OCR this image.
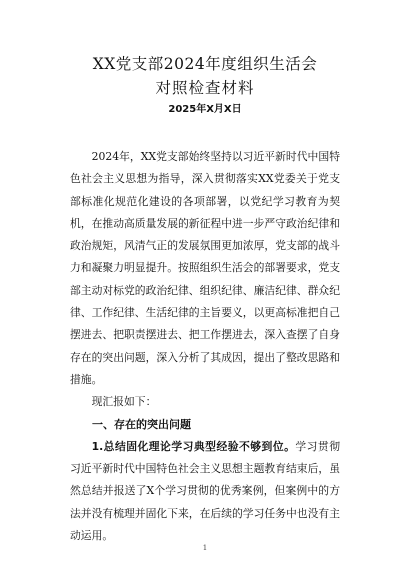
XX党支部2024年度组织生活会
对照检查材料
2025年X月X日

2024年，XX党支部始终坚持以习近平新时代中国特色社会主义思想为指导，深入贯彻落实XX党委关于党支部标准化规范化建设的各项部署，以党纪学习教育为契机，在推动高质量发展的新征程中进一步严守政治纪律和政治规矩，风清气正的发展氛围更加浓厚，党支部的战斗力和凝聚力明显提升。按照组织生活会的部署要求，党支部主动对标党的政治纪律、组织纪律、廉洁纪律、群众纪律、工作纪律、生活纪律的主旨要义，以更高标准把自己摆进去、把职责摆进去、把工作摆进去，深入查摆了自身存在的突出问题，深入分析了其成因，提出了整改思路和措施。

现汇报如下：

一、存在的突出问题

1.总结固化理论学习典型经验不够到位。学习贯彻习近平新时代中国特色社会主义思想主题教育结束后，虽然总结并报送了X个学习贯彻的优秀案例，但案例中的方法并没有梳理并固化下来，在后续的学习任务中也没有主动运用。

1
